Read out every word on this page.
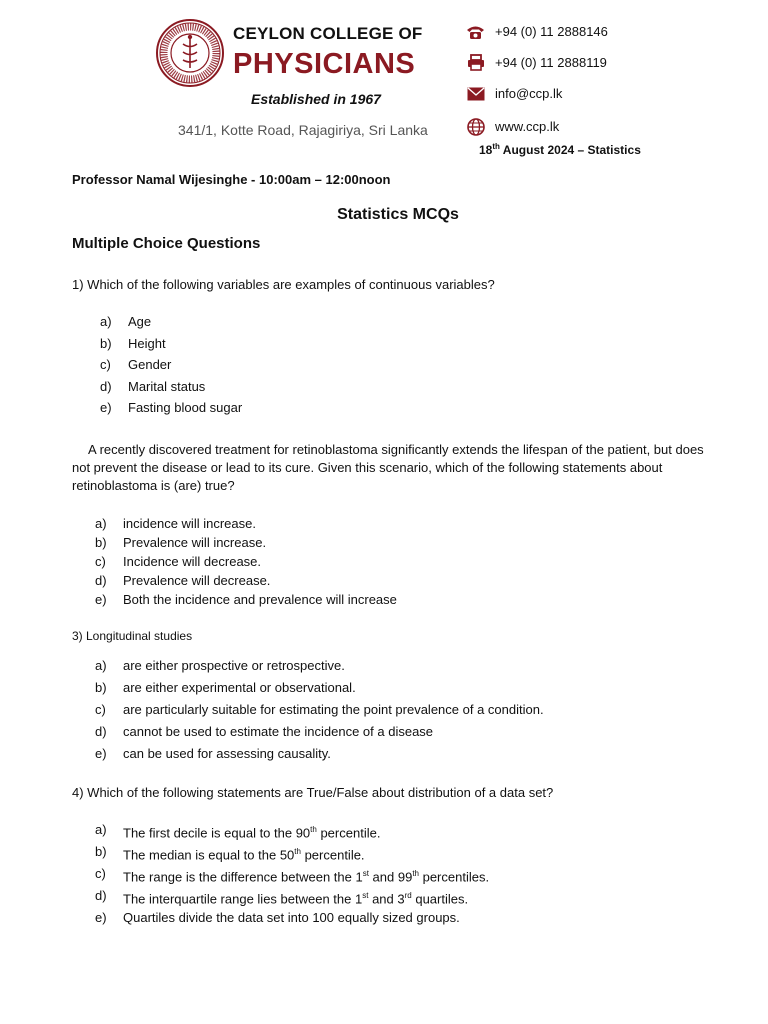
CEYLON COLLEGE OF
PHYSICIANS
Established in 1967
341/1, Kotte Road, Rajagiriya, Sri Lanka
+94 (0) 11 2888146
+94 (0) 11 2888119
info@ccp.lk
www.ccp.lk
18th August 2024 – Statistics
Professor Namal Wijesinghe - 10:00am – 12:00noon
Statistics MCQs
Multiple Choice Questions
1) Which of the following variables are examples of continuous variables?
a)	Age
b)	Height
c)	Gender
d)	Marital status
e)	Fasting blood sugar
A recently discovered treatment for retinoblastoma significantly extends the lifespan of the patient, but does not prevent the disease or lead to its cure. Given this scenario, which of the following statements about retinoblastoma is (are) true?
a)	incidence will increase.
b)	Prevalence will increase.
c)	Incidence will decrease.
d)	Prevalence will decrease.
e)	Both the incidence and prevalence will increase
3) Longitudinal studies
a)	are either prospective or retrospective.
b)	are either experimental or observational.
c)	are particularly suitable for estimating the point prevalence of a condition.
d)	cannot be used to estimate the incidence of a disease
e)	can be used for assessing causality.
4) Which of the following statements are True/False about distribution of a data set?
a)	The first decile is equal to the 90th percentile.
b)	The median is equal to the 50th percentile.
c)	The range is the difference between the 1st and 99th percentiles.
d)	The interquartile range lies between the 1st and 3rd quartiles.
e)	Quartiles divide the data set into 100 equally sized groups.
